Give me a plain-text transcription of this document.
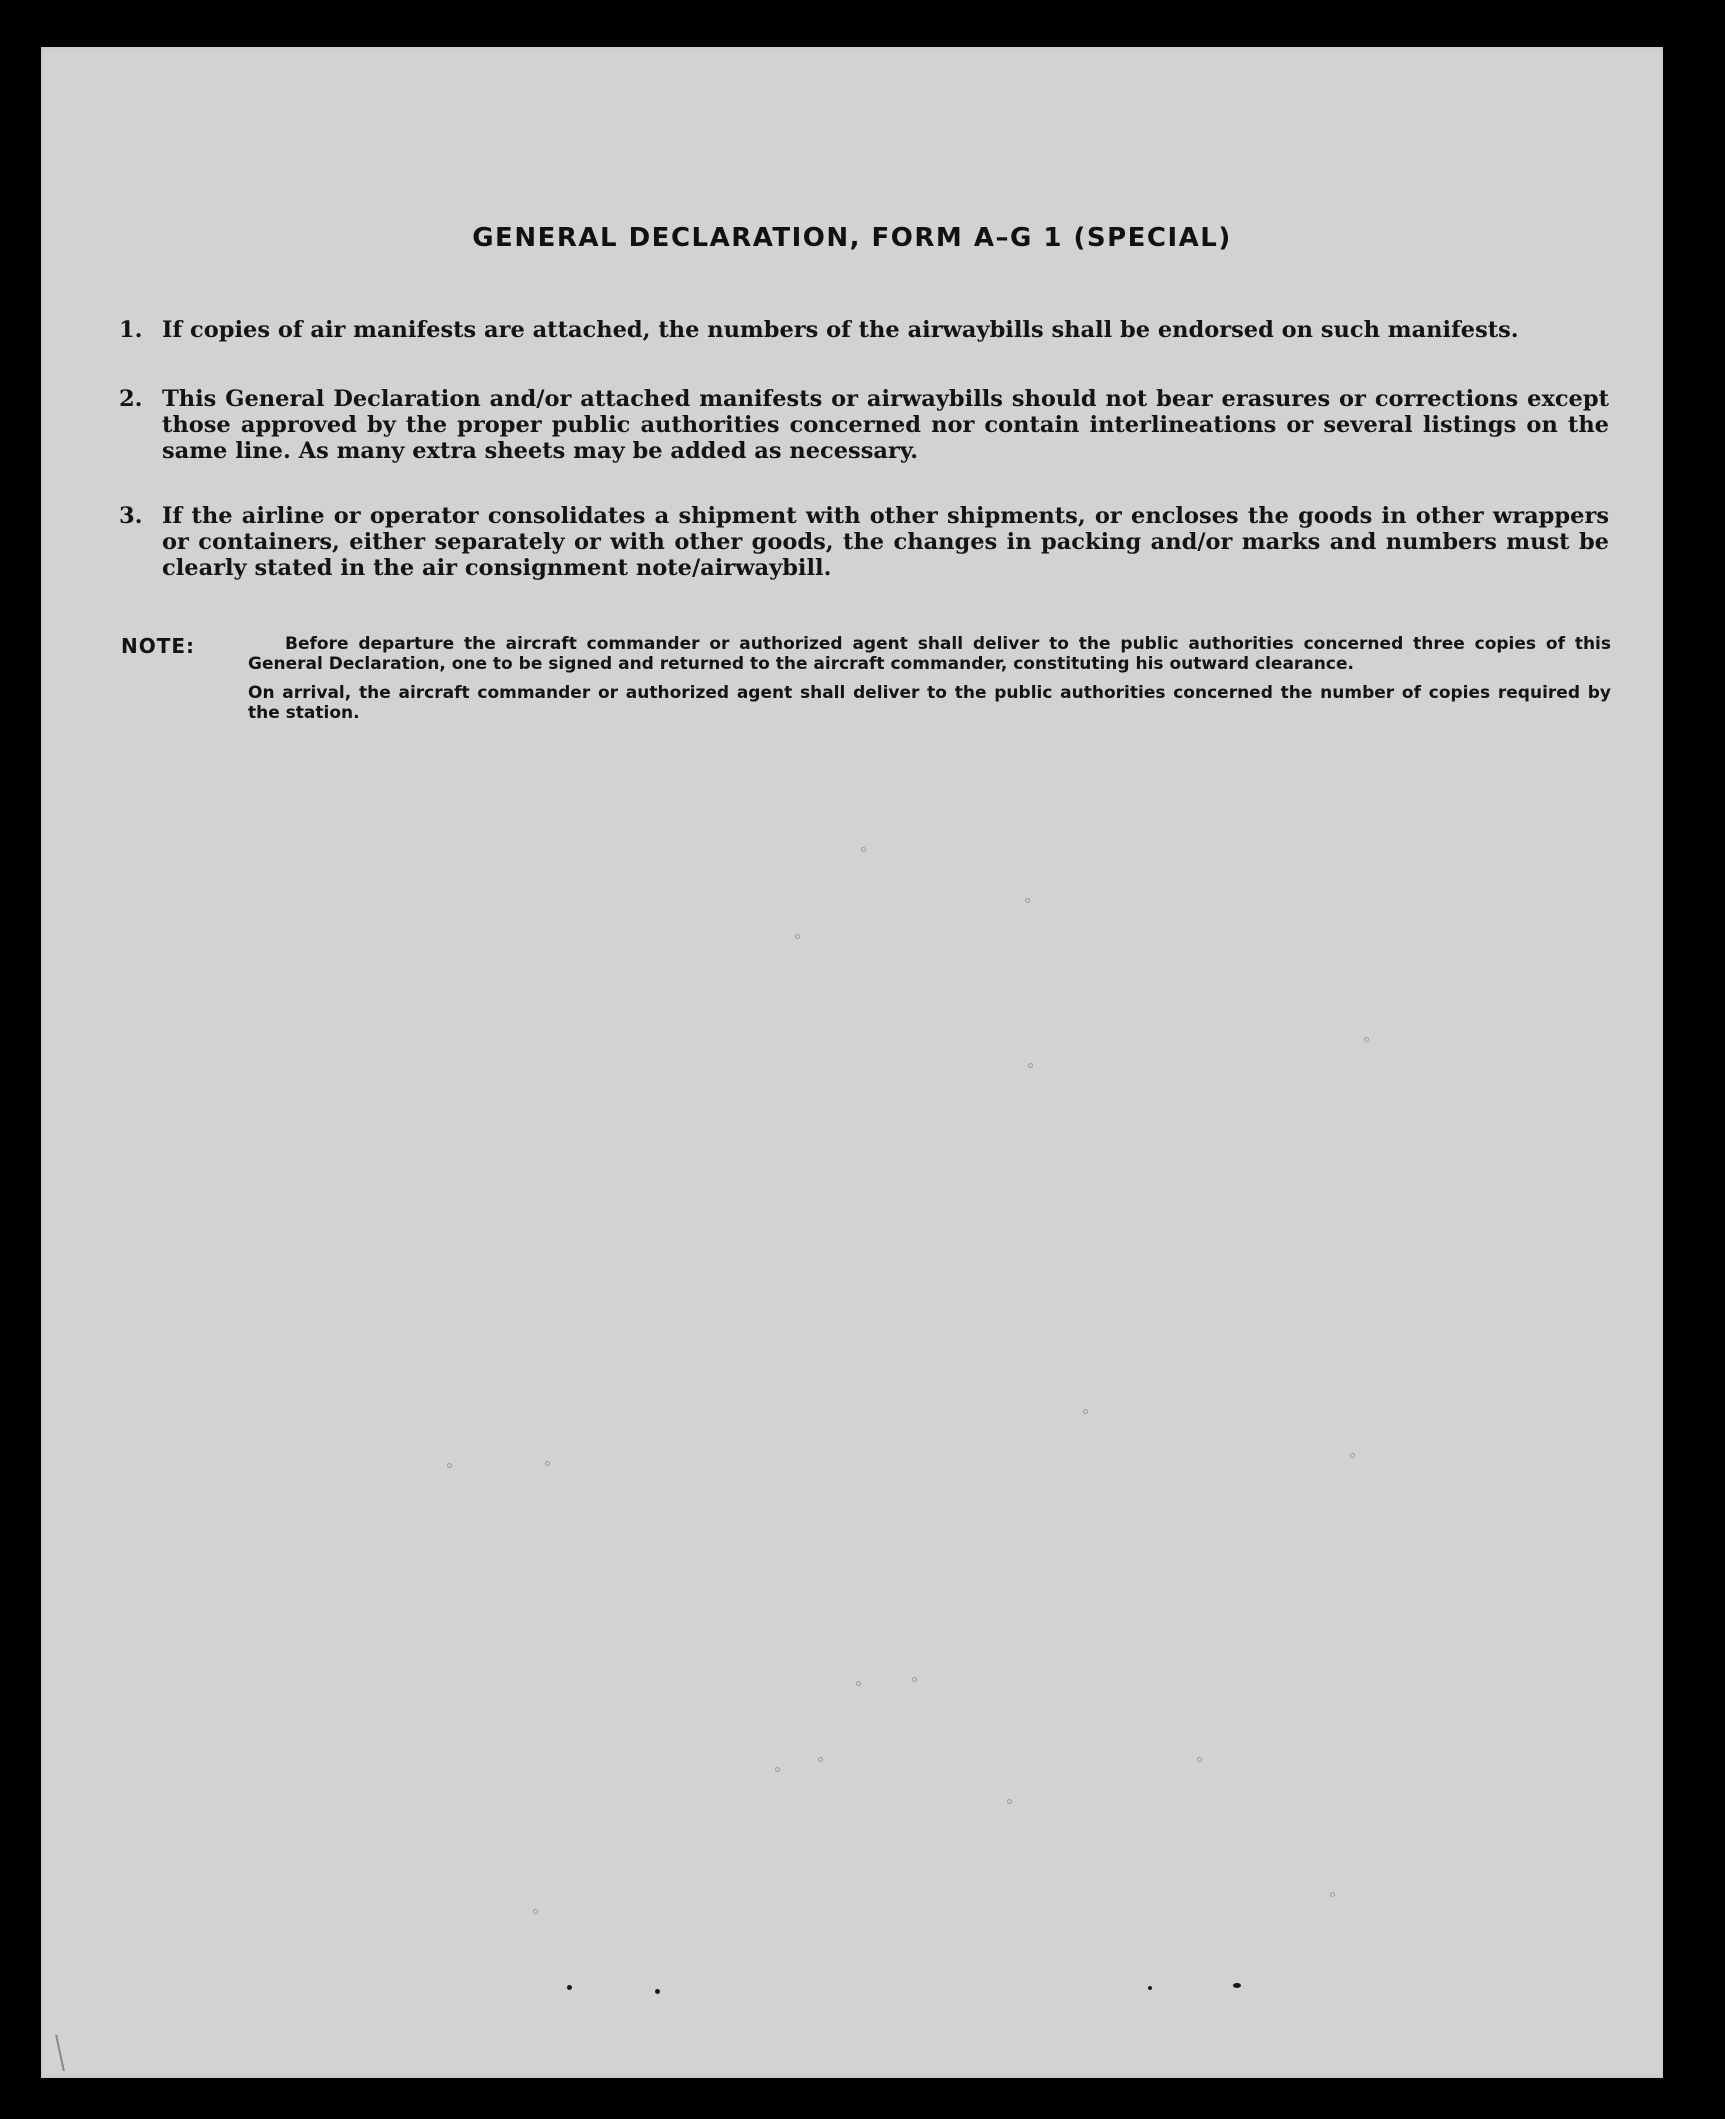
GENERAL DECLARATION, FORM A–G 1 (SPECIAL)
1. If copies of air manifests are attached, the numbers of the airwaybills shall be endorsed on such manifests.
2. This General Declaration and/or attached manifests or airwaybills should not bear erasures or corrections except those approved by the proper public authorities concerned nor contain interlineations or several listings on the same line. As many extra sheets may be added as necessary.
3. If the airline or operator consolidates a shipment with other shipments, or encloses the goods in other wrappers or containers, either separately or with other goods, the changes in packing and/or marks and numbers must be clearly stated in the air consignment note/airwaybill.
NOTE:	Before departure the aircraft commander or authorized agent shall deliver to the public authorities concerned three copies of this General Declaration, one to be signed and returned to the aircraft commander, constituting his outward clearance.
On arrival, the aircraft commander or authorized agent shall deliver to the public authorities concerned the number of copies required by the station.
